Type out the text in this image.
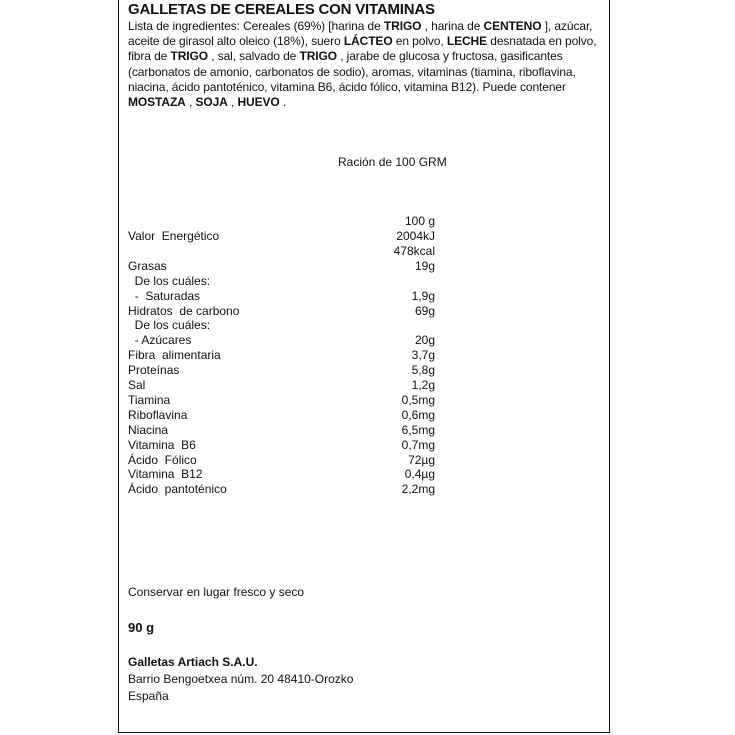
GALLETAS DE CEREALES CON VITAMINAS
Lista de ingredientes: Cereales (69%) [harina de TRIGO , harina de CENTENO ], azúcar, aceite de girasol alto oleico (18%), suero LÁCTEO en polvo, LECHE desnatada en polvo, fibra de TRIGO , sal, salvado de TRIGO , jarabe de glucosa y fructosa, gasificantes (carbonatos de amonio, carbonatos de sodio), aromas, vitaminas (tiamina, riboflavina, niacina, ácido pantoténico, vitamina B6, ácido fólico, vitamina B12). Puede contener MOSTAZA , SOJA , HUEVO .
Ración de 100 GRM
100 g
Valor  Energético	2004kJ
478kcal
Grasas	19g
De los cuáles:
-  Saturadas	1,9g
Hidratos  de carbono	69g
De los cuáles:
- Azúcares	20g
Fibra  alimentaria	3,7g
Proteínas	5,8g
Sal	1,2g
Tiamina	0,5mg
Riboflavina	0,6mg
Niacina	6,5mg
Vitamina  B6	0,7mg
Ácido  Fólico	72µg
Vitamina  B12	0,4µg
Ácido  pantoténico	2,2mg
Conservar en lugar fresco y seco
90 g
Galletas Artiach S.A.U.
Barrio Bengoetxea núm. 20 48410-Orozko
España
